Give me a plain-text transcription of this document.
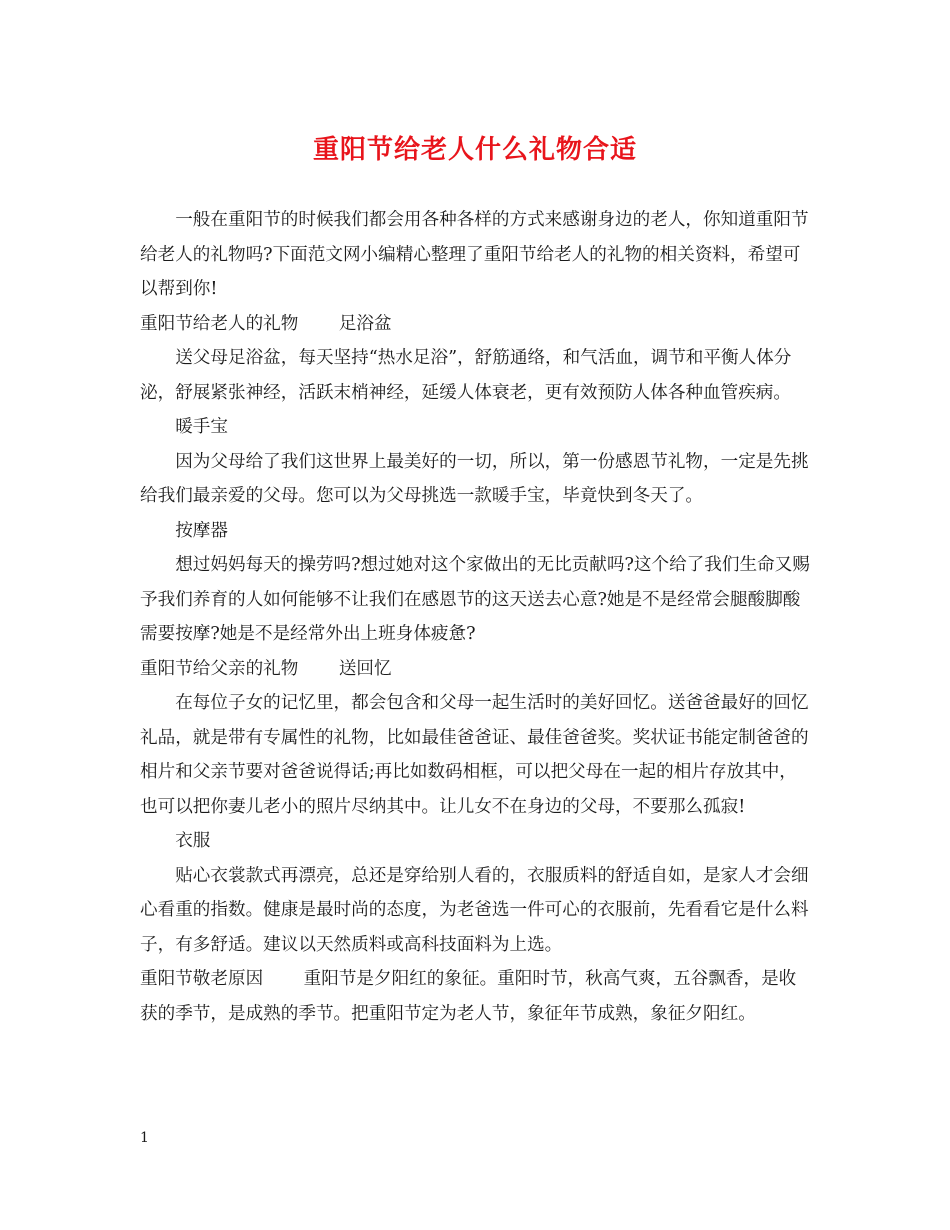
重阳节给老人什么礼物合适

一般在重阳节的时候我们都会用各种各样的方式来感谢身边的老人，你知道重阳节给老人的礼物吗?下面范文网小编精心整理了重阳节给老人的礼物的相关资料，希望可以帮到你!

重阳节给老人的礼物 足浴盆

送父母足浴盆，每天坚持“热水足浴”，舒筋通络，和气活血，调节和平衡人体分泌，舒展紧张神经，活跃末梢神经，延缓人体衰老，更有效预防人体各种血管疾病。

暖手宝

因为父母给了我们这世界上最美好的一切，所以，第一份感恩节礼物，一定是先挑给我们最亲爱的父母。您可以为父母挑选一款暖手宝，毕竟快到冬天了。

按摩器

想过妈妈每天的操劳吗?想过她对这个家做出的无比贡献吗?这个给了我们生命又赐予我们养育的人如何能够不让我们在感恩节的这天送去心意?她是不是经常会腿酸脚酸需要按摩?她是不是经常外出上班身体疲惫?

重阳节给父亲的礼物 送回忆

在每位子女的记忆里，都会包含和父母一起生活时的美好回忆。送爸爸最好的回忆礼品，就是带有专属性的礼物，比如最佳爸爸证、最佳爸爸奖。奖状证书能定制爸爸的相片和父亲节要对爸爸说得话;再比如数码相框，可以把父母在一起的相片存放其中，也可以把你妻儿老小的照片尽纳其中。让儿女不在身边的父母，不要那么孤寂!

衣服

贴心衣裳款式再漂亮，总还是穿给别人看的，衣服质料的舒适自如，是家人才会细心看重的指数。健康是最时尚的态度，为老爸选一件可心的衣服前，先看看它是什么料子，有多舒适。建议以天然质料或高科技面料为上选。

重阳节敬老原因 重阳节是夕阳红的象征。重阳时节，秋高气爽，五谷飘香，是收获的季节，是成熟的季节。把重阳节定为老人节，象征年节成熟，象征夕阳红。

1
